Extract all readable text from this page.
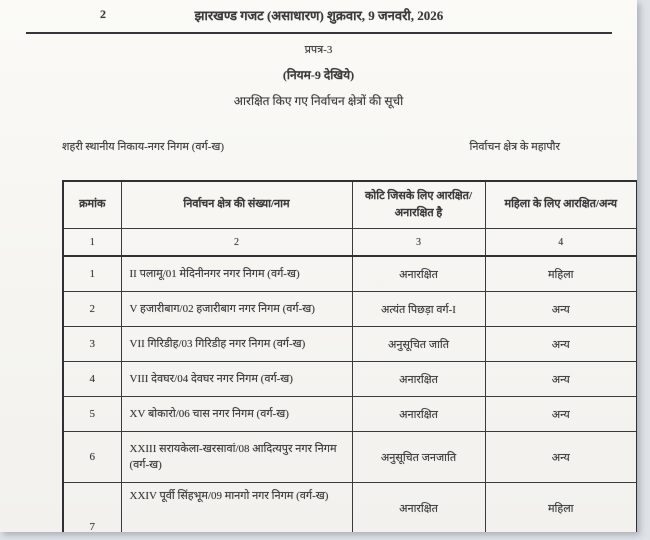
2	झारखण्ड गजट (असाधारण) शुक्रवार, 9 जनवरी, 2026
प्रपत्र-3
(नियम-9 देखिये)
आरक्षित किए गए निर्वाचन क्षेत्रों की सूची
शहरी स्थानीय निकाय-नगर निगम (वर्ग-ख)	निर्वाचन क्षेत्र के महापौर
क्रमांक	निर्वाचन क्षेत्र की संख्या/नाम	कोटि जिसके लिए आरक्षित/अनारक्षित है	महिला के लिए आरक्षित/अन्य
1	2	3	4
1	II पलामू/01 मेदिनीनगर नगर निगम (वर्ग-ख)	अनारक्षित	महिला
2	V हजारीबाग/02 हजारीबाग नगर निगम (वर्ग-ख)	अत्यंत पिछड़ा वर्ग-I	अन्य
3	VII गिरिडीह/03 गिरिडीह नगर निगम (वर्ग-ख)	अनुसूचित जाति	अन्य
4	VIII देवघर/04 देवघर नगर निगम (वर्ग-ख)	अनारक्षित	अन्य
5	XV बोकारो/06 चास नगर निगम (वर्ग-ख)	अनारक्षित	अन्य
6	XXIII सरायकेला-खरसावां/08 आदित्यपुर नगर निगम (वर्ग-ख)	अनुसूचित जनजाति	अन्य
7	XXIV पूर्वी सिंहभूम/09 मानगो नगर निगम (वर्ग-ख)	अनारक्षित	महिला
